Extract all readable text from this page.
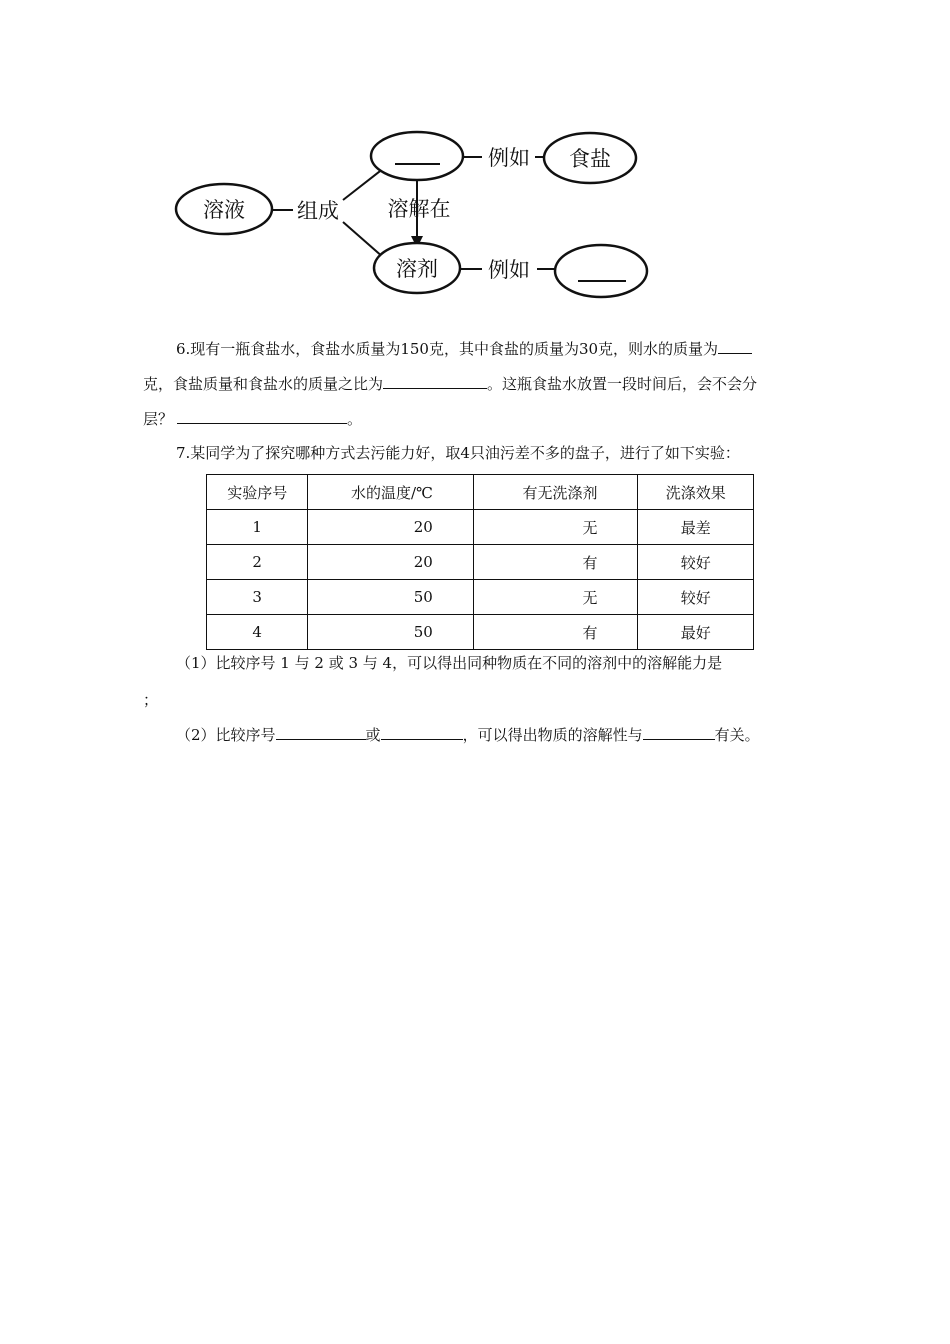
溶液 组成
例如 食盐
溶解在
溶剂 例如
6.现有一瓶食盐水，食盐水质量为150克，其中食盐的质量为30克，则水的质量为
克，食盐质量和食盐水的质量之比为	。这瓶食盐水放置一段时间后，会不会分
层？	。
7.某同学为了探究哪种方式去污能力好，取4只油污差不多的盘子，进行了如下实验：
实验序号	水的温度/℃	有无洗涤剂	洗涤效果
1	20	无	最差
2	20	有	较好
3	50	无	较好
4	50	有	最好
（1）比较序号 1 与 2 或 3 与 4，可以得出同种物质在不同的溶剂中的溶解能力是
；
（2）比较序号	或	，可以得出物质的溶解性与	有关。
